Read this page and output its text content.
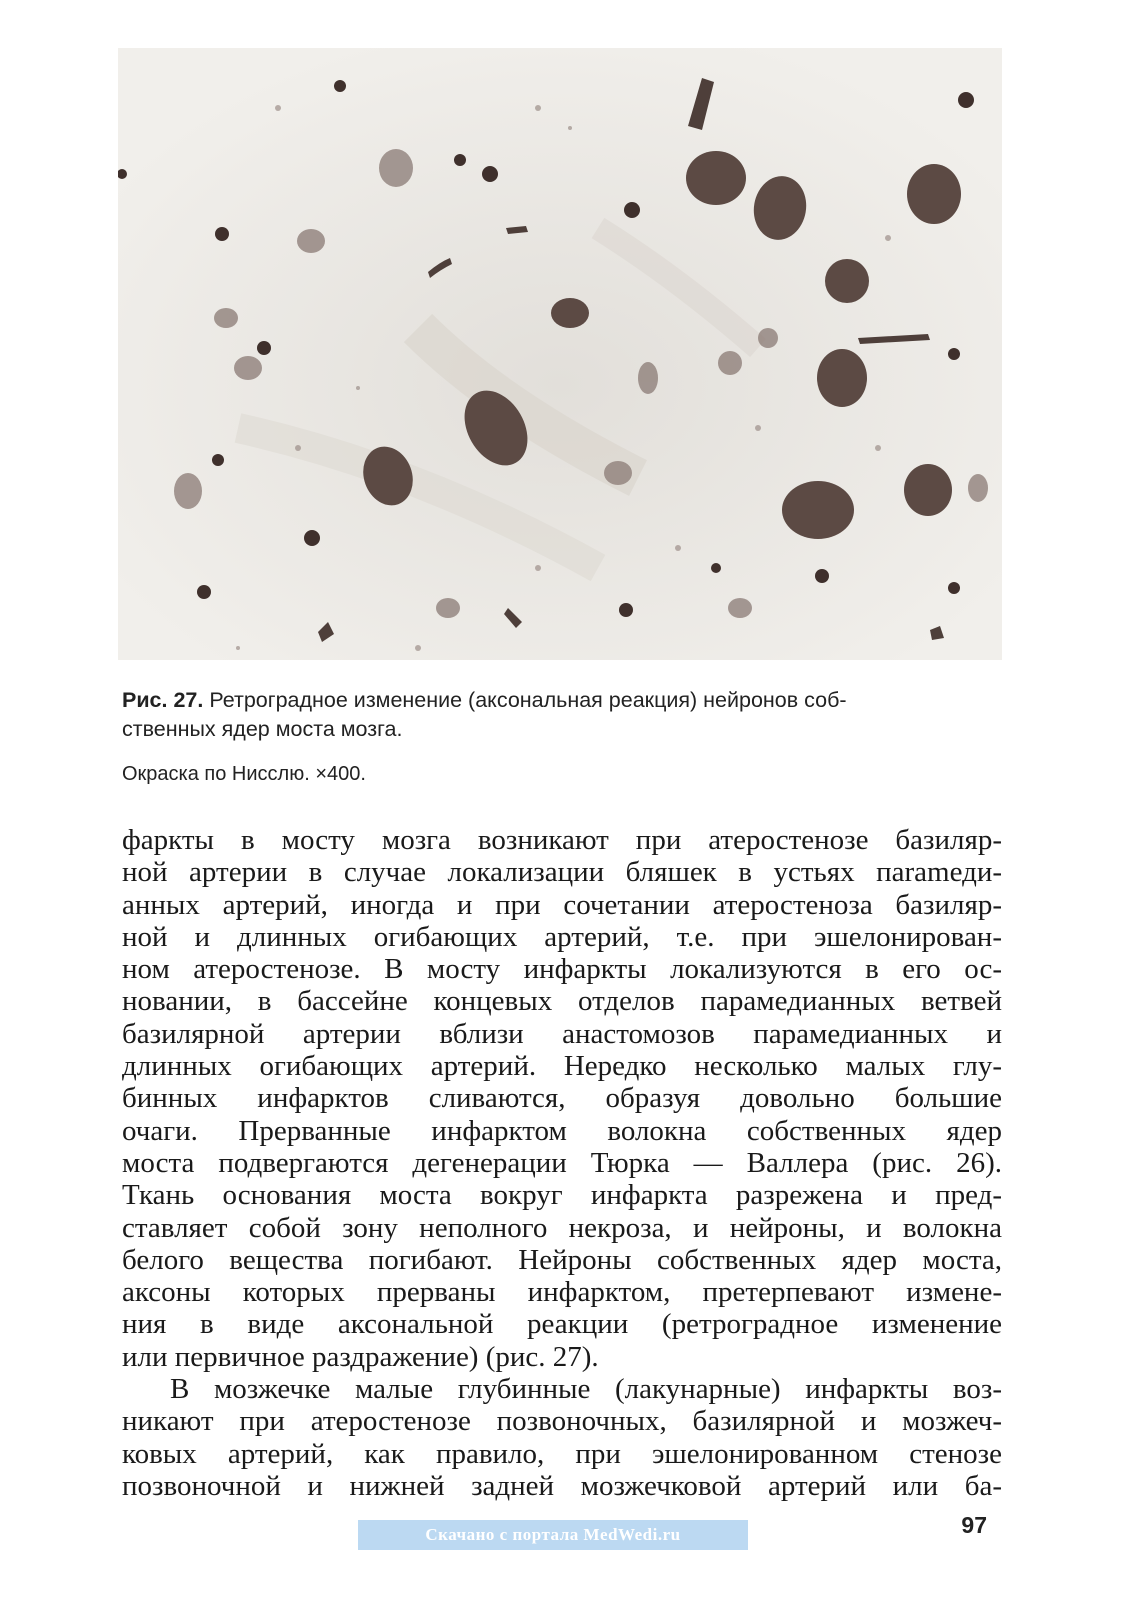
Рис. 27. Ретроградное изменение (аксональная реакция) нейронов соб-
ственных ядер моста мозга.
Окраска по Нисслю. ×400.
фаркты в мосту мозга возникают при атеростенозе базиляр-
ной артерии в случае локализации бляшек в устьях паramеди-
анных артерий, иногда и при сочетании атеростеноза базиляр-
ной и длинных огибающих артерий, т.е. при эшелонирован-
ном атеростенозе. В мосту инфаркты локализуются в его ос-
новании, в бассейне концевых отделов парамедианных ветвей
базилярной артерии вблизи анастомозов парамедианных и
длинных огибающих артерий. Нередко несколько малых глу-
бинных инфарктов сливаются, образуя довольно большие
очаги. Прерванные инфарктом волокна собственных ядер
моста подвергаются дегенерации Тюрка — Валлера (рис. 26).
Ткань основания моста вокруг инфаркта разрежена и пред-
ставляет собой зону неполного некроза, и нейроны, и волокна
белого вещества погибают. Нейроны собственных ядер моста,
аксоны которых прерваны инфарктом, претерпевают измене-
ния в виде аксональной реакции (ретроградное изменение
или первичное раздражение) (рис. 27).
В мозжечке малые глубинные (лакунарные) инфаркты воз-
никают при атеростенозе позвоночных, базилярной и мозжеч-
ковых артерий, как правило, при эшелонированном стенозе
позвоночной и нижней задней мозжечковой артерий или ба-
97
Скачано с портала MedWedi.ru
